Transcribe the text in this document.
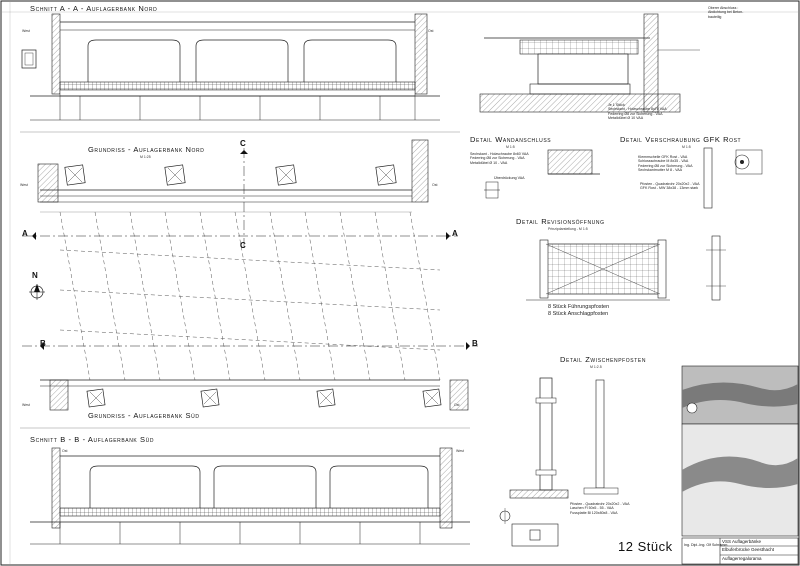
Schnitt A - A - Auflagerbank Nord
Grundriss - Auflagerbank Nord
M 1:25
Grundriss - Auflagerbank Süd
Schnitt B - B - Auflagerbank Süd
Detail Wandanschluss
M 1:5
Sechskant - Holzschraube 8x60 VAA
Federring Ø8 zur Sicherung - VAA
Metalldübel Ø 10 - VAA
Überdrückung VAA
Detail Verschraubung GFK Rost
M 1:5
Klemmschelle GFK Rost - VAA
Schlossschraube M 8x35 - VAA
Federring Ø8 zur Sicherung - VAA
Sechskantmutter M 8 - VAA
Pfosten - Quadratrohr 20x20x2 - VAA
GFK Rost - MW 38x38 - 13mm stark
Detail Revisionsöffnung
Prinzipdarstellung - M 1:5
8 Stück Führungspfosten
8 Stück Anschlagpfosten
Detail Zwischenpfosten
M 1:2.5
Pfosten - Quadratrohr 20x20x2 - VAA
Laschen Fl 50x5 - 55 - VAA
Fussplatte Bl 120x80x8 - VAA
12 Stück
Je 1 Stück
Sechskant - Holzschraube 8x70 VAA
Federring Ø8 zur Sicherung - VAA
Metalldübel Ø 10 VAA
Oberer Abschluss :
Abdichtung bei Beton-
bauteilig
A	A
B	B
C
C
N
West	Ost
West	Ost
West	Ost
Ost	West
Ing. Dipl.-Ing. Olf Schramm
VSS Auflagerbänke
Elbuferbrücke Geesthacht
Auflagerregalorama
